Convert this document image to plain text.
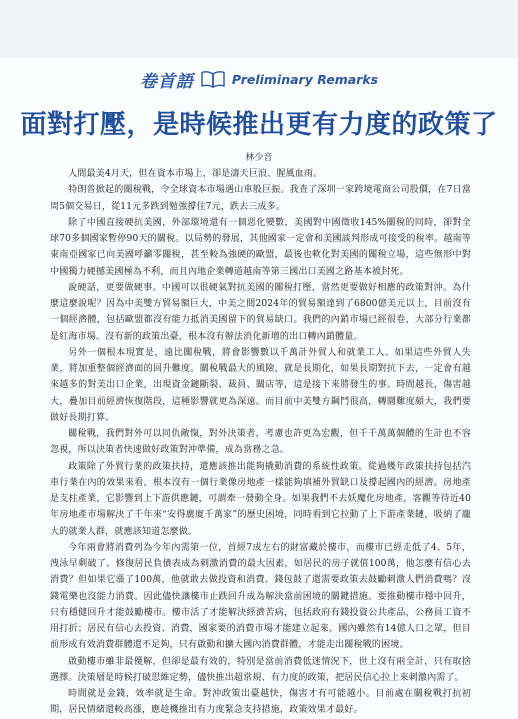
卷首語	Preliminary Remarks
面對打壓，是時候推出更有力度的政策了
林少音

人間最美4月天，但在資本市場上，卻是濤天巨浪、腥風血雨。

特朗普掀起的關稅戰，令全球資本市場遇山車般巨振。我查了深圳一家跨境電商公司股價，在7日當周5個交易日，從11元多跌到勉強撐住7元，跌去三成多。

除了中國直接硬抗美國，外部環境還有一個惡化變數，美國對中國徵收145%關稅的同時，卻對全球70多個國家暫停90天的關稅。以局勢的發展，其他國家一定會和美國談判形成可接受的稅率。越南等東南亞國家已向美國呼籲零關稅，甚至較為強硬的歐盟，最後也軟化對美國的關稅立場，這些無形中對中國獨力硬撼美國極為不利，而且內地企業轉道越南等第三國出口美國之路基本被封死。

說硬話，更要做硬事。中國可以很硬氣對抗美國的關稅打壓，當然更要做好相應的政策對沖。為什麼這麼說呢？因為中美雙方貿易額巨大，中美之間2024年的貿易額達到了6800億美元以上，目前沒有一個經濟體，包括歐盟都沒有能力抵消美國留下的貿易缺口。我們的內銷市場已經很卷，大部分行業都是紅海市場。沒有新的政策出臺，根本沒有辦法消化新增的出口轉內銷體量。

另外一個根本現實是，遠比關稅戰，將會影響數以千萬計外貿人和就業工人。如果這些外貿人失業，將加重整個經濟面的回升難度。關稅戰最大的風險，就是長期化，如果長期對抗下去，一定會有越來越多的對美出口企業，出現資金鏈斷裂、裁員、關店等，這是接下來將發生的事。時間越長，傷害越大，疊加目前經濟恢復階段，這種影響就更為深遠。而目前中美雙方鋼鬥很高，轉圜難度頗大，我們要做好長期打算。

關稅戰，我們對外可以同仇敵愾，對外決策者，考慮也許更為宏觀，但千千萬萬個體的生計也不容忽視，所以決策者快速做好政策對沖準備，成為當務之急。

政策除了外貿行業的政策扶持，還應該推出能夠撬動消費的系統性政策。從過幾年政策扶持包括汽車行業在內的效果來看，根本沒有一個行業像房地產一樣能夠填補外貿缺口及撐起國內的經濟。房地產是支柱產業，它影響到上下游供應鏈，可謂牽一發動全身。如果我們不去妖魔化房地產，客觀等待近40年房地產市場解決了千年來“安得廣廈千萬家”的歷史困境，同時看到它拉動了上下游產業鏈，吸納了龐大的就業人群，就應該知道怎麼做。

今年兩會將消費列為今年內需第一位，首經7成左右的財富藏於樓市，而樓市已經走低了4、5年，洩泳早剩破了。修復居民負債表成為刺激消費的最大因素，如居民的房子就值100萬，他怎麼有信心去消費？但如果它漲了100萬，他就敢去做投資和消費。錢包鼓了還需要政策去鼓勵刺激人們消費嗎？沒錢電樂也沒能力消費。因此儘快讓樓市止跌回升成為解決當前困境的關鍵措施。要推動樓市穩中回升，只有穩健回升才能鼓勵樓市。樓市活了才能解決經濟苦病，包括政府有錢投資公共產品，公務員工資不用打折；居民有信心去投資、消費，國家要的消費市場才能建立起來。國內雖然有14億人口之眾，但目前形成有效消費群體還不足夠，只有啟動和擴大國內消費群體，才能走出關稅戰的困境。

啟動樓市雖非最優解，但卻是最有效的，特別是當前消費低迷情況下，世上沒有兩全計，只有取捨選擇。決策層是時候打破思維定勢，儘快推出超常規、有力度的政策，把居民信心拉上來刺激內需了。

時間就是金錢，效率就是生命。對沖政策出臺越快，傷害才有可能越小。目前處在關稅戰打抗初期，居民情緒還較高漲，應趁機推出有力度緊急支持措施，政策效果才最好。
